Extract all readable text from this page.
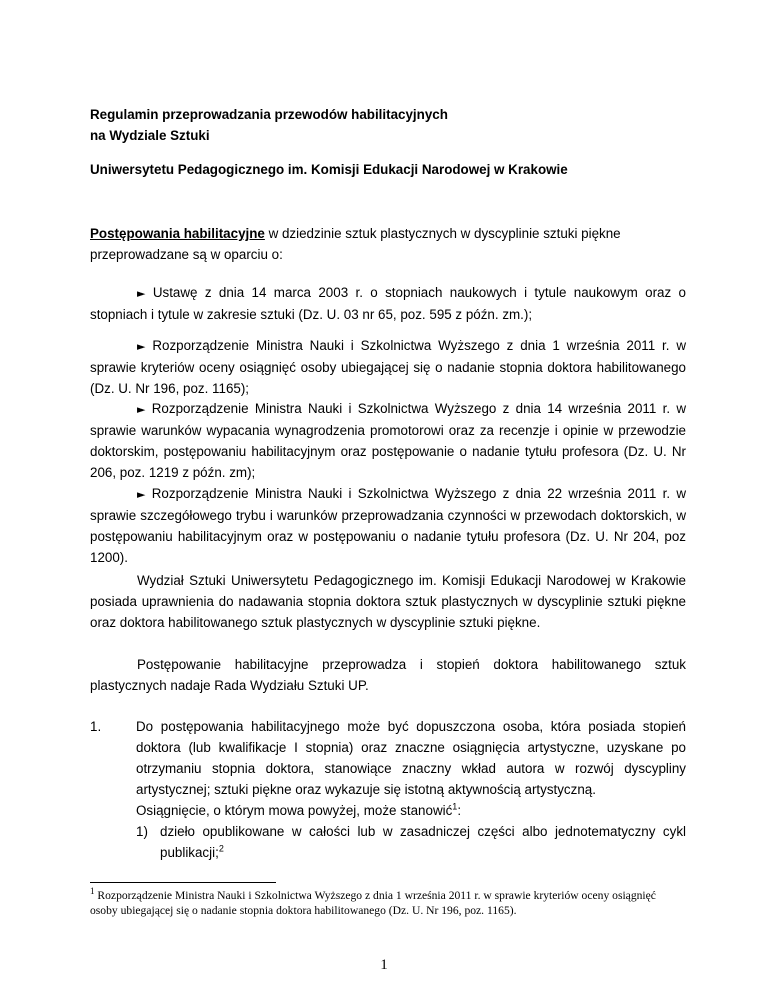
Regulamin przeprowadzania przewodów habilitacyjnych

na Wydziale Sztuki

Uniwersytetu Pedagogicznego im. Komisji Edukacji Narodowej w Krakowie

Postępowania habilitacyjne w dziedzinie sztuk plastycznych w dyscyplinie sztuki piękne przeprowadzane są w oparciu o:

► Ustawę z dnia 14 marca 2003 r. o stopniach naukowych i tytule naukowym oraz o stopniach i tytule w zakresie sztuki (Dz. U. 03 nr 65, poz. 595 z późn. zm.);

► Rozporządzenie Ministra Nauki i Szkolnictwa Wyższego z dnia 1 września 2011 r. w sprawie kryteriów oceny osiągnięć osoby ubiegającej się o nadanie stopnia doktora habilitowanego (Dz. U. Nr 196, poz. 1165);

► Rozporządzenie Ministra Nauki i Szkolnictwa Wyższego z dnia 14 września 2011 r. w sprawie warunków wypacania wynagrodzenia promotorowi oraz za recenzje i opinie w przewodzie doktorskim, postępowaniu habilitacyjnym oraz postępowanie o nadanie tytułu profesora (Dz. U. Nr 206, poz. 1219 z późn. zm);

► Rozporządzenie Ministra Nauki i Szkolnictwa Wyższego z dnia 22 września 2011 r. w sprawie szczegółowego trybu i warunków przeprowadzania czynności w przewodach doktorskich, w postępowaniu habilitacyjnym oraz w postępowaniu o nadanie tytułu profesora (Dz. U. Nr 204, poz 1200).

Wydział Sztuki Uniwersytetu Pedagogicznego im. Komisji Edukacji Narodowej w Krakowie posiada uprawnienia do nadawania stopnia doktora sztuk plastycznych w dyscyplinie sztuki piękne oraz doktora habilitowanego sztuk plastycznych w dyscyplinie sztuki piękne.
Postępowanie habilitacyjne przeprowadza i stopień doktora habilitowanego sztuk plastycznych nadaje Rada Wydziału Sztuki UP.
1.	Do postępowania habilitacyjnego może być dopuszczona osoba, która posiada stopień doktora (lub kwalifikacje I stopnia) oraz znaczne osiągnięcia artystyczne, uzyskane po otrzymaniu stopnia doktora, stanowiące znaczny wkład autora w rozwój dyscypliny artystycznej; sztuki piękne oraz wykazuje się istotną aktywnością artystyczną.

Osiągnięcie, o którym mowa powyżej, może stanowić$^1$:

1) dzieło opublikowane w całości lub w zasadniczej części albo jednotematyczny cykl publikacji;$^2$

$^1$ Rozporządzenie Ministra Nauki i Szkolnictwa Wyższego z dnia 1 września 2011 r. w sprawie kryteriów oceny osiągnięć osoby ubiegającej się o nadanie stopnia doktora habilitowanego (Dz. U. Nr 196, poz. 1165).

1
